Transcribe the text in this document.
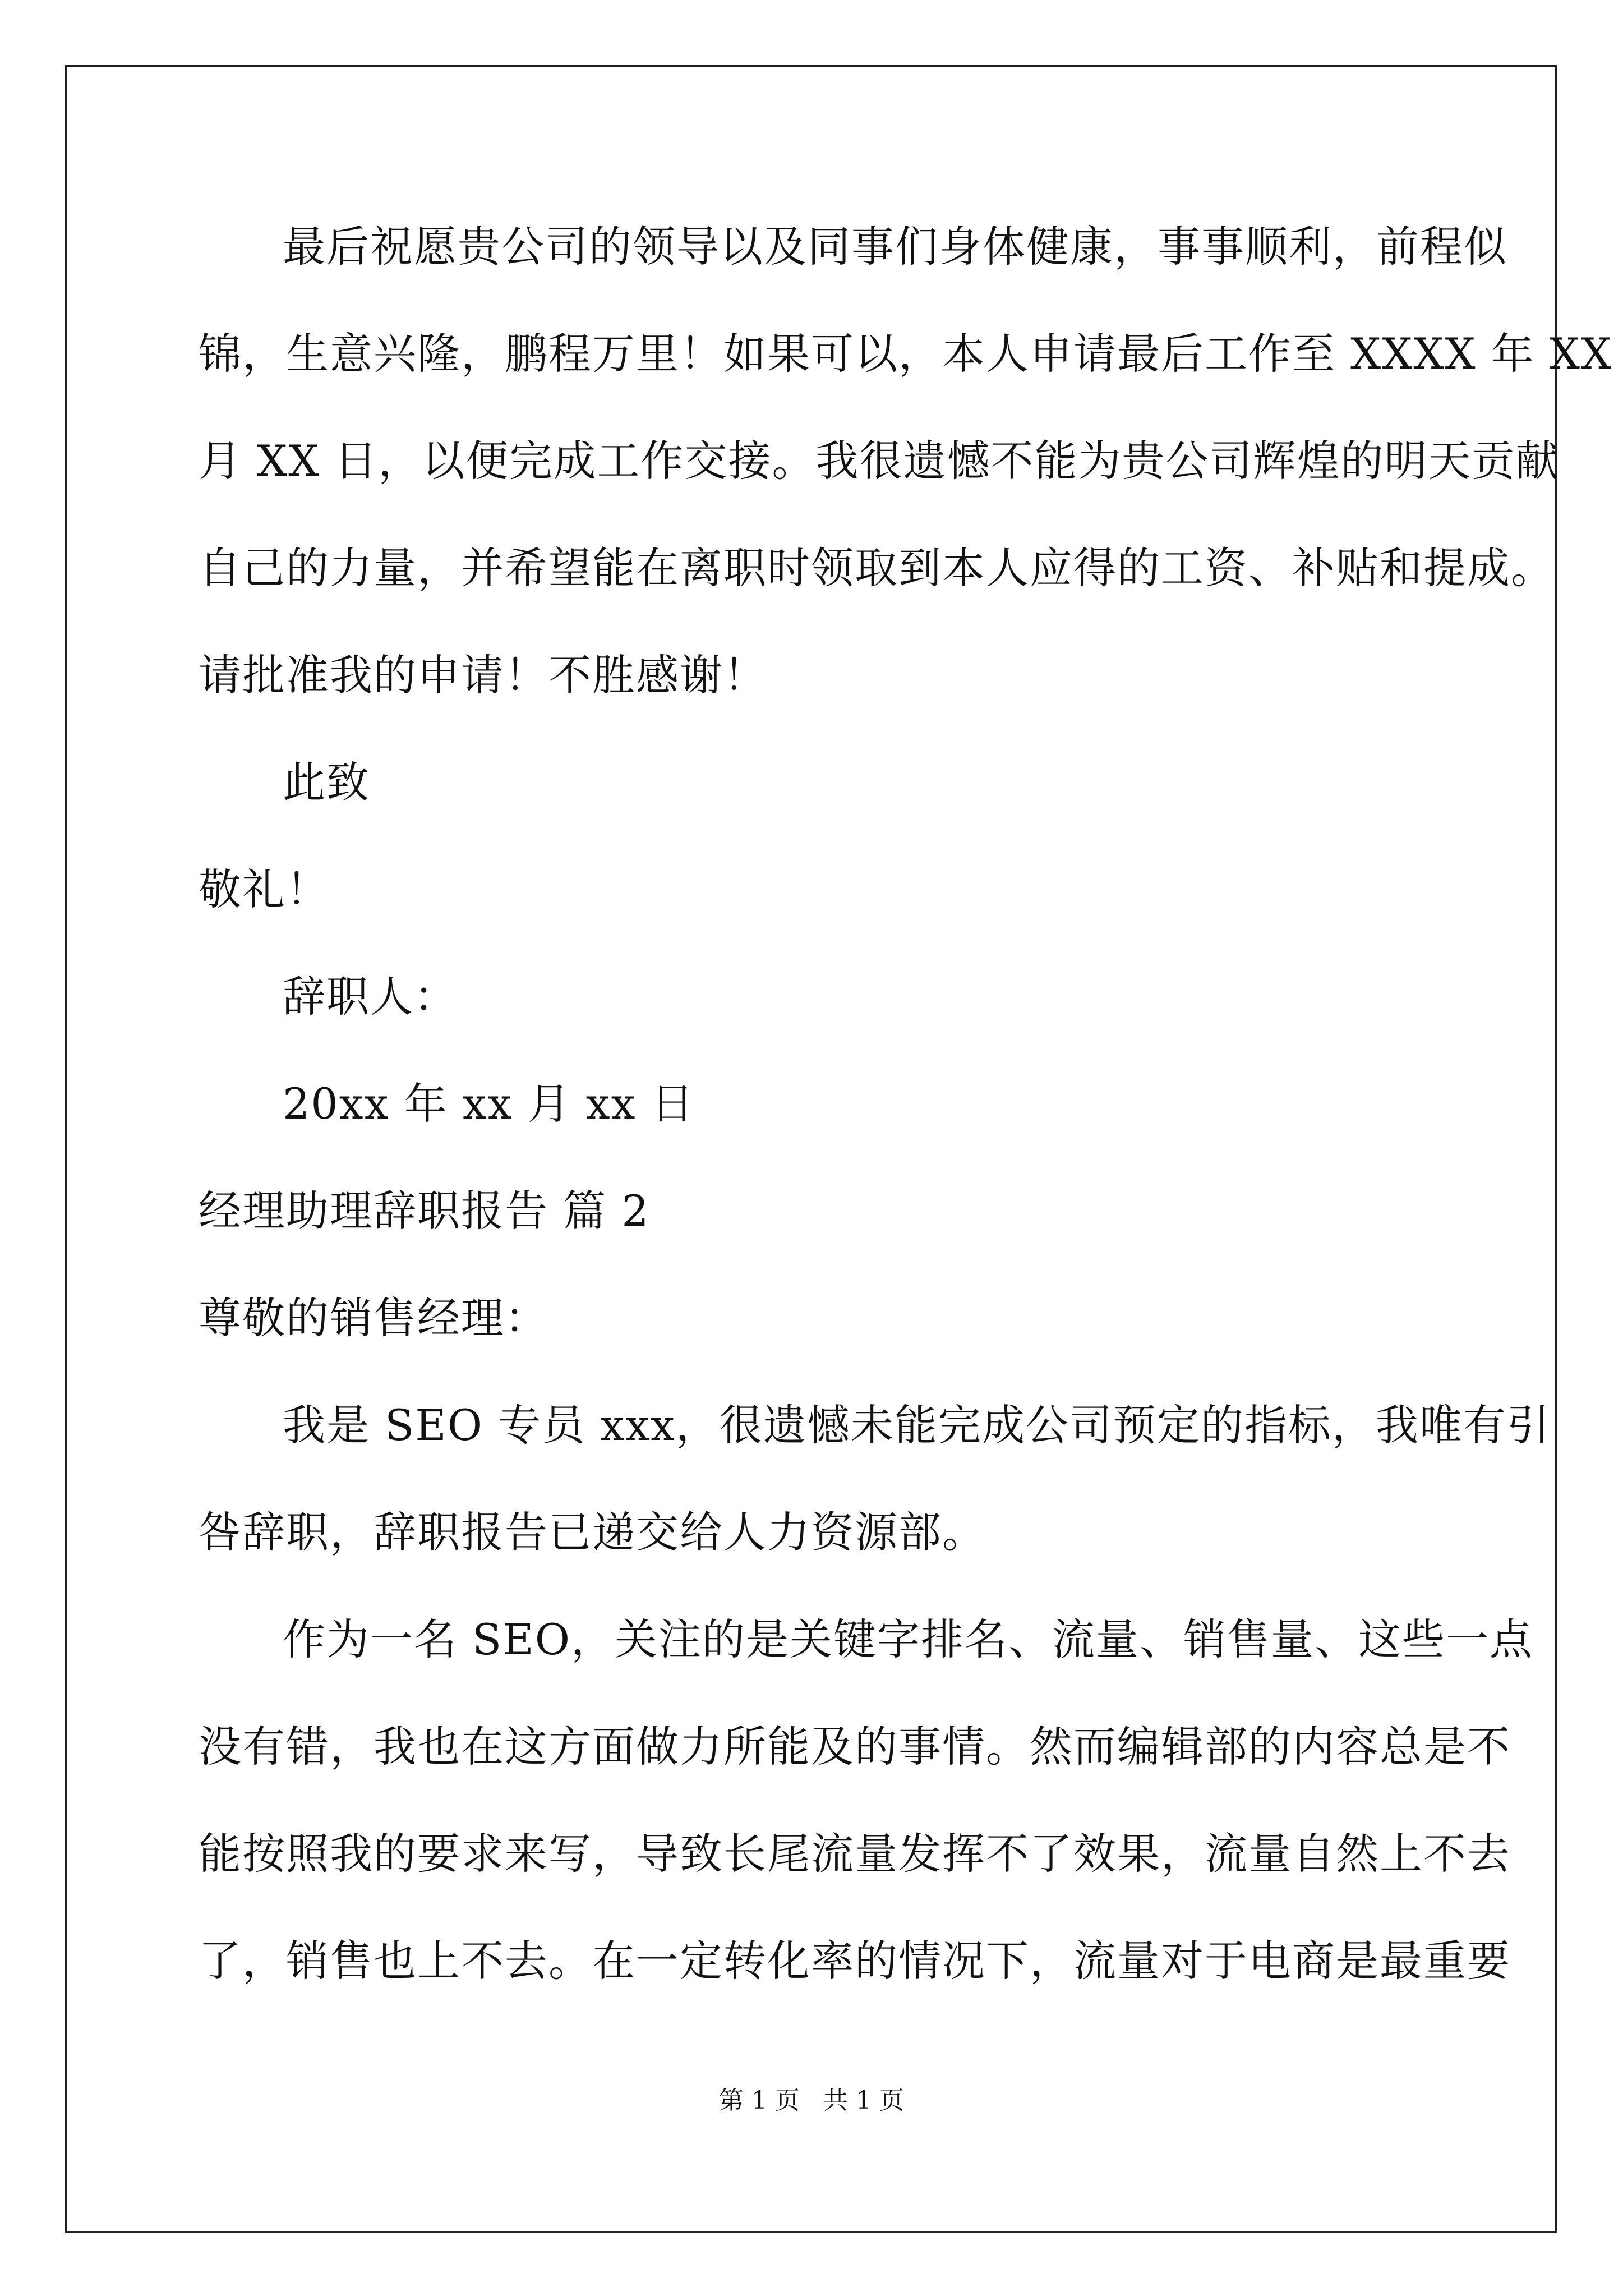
最后祝愿贵公司的领导以及同事们身体健康，事事顺利，前程似
锦，生意兴隆，鹏程万里！如果可以，本人申请最后工作至 XXXX 年 XX
月 XX 日，以便完成工作交接。我很遗憾不能为贵公司辉煌的明天贡献
自己的力量，并希望能在离职时领取到本人应得的工资、补贴和提成。
请批准我的申请！不胜感谢！
此致
敬礼！
辞职人：
20xx 年 xx 月 xx 日
经理助理辞职报告 篇 2
尊敬的销售经理：
我是 SEO 专员 xxx，很遗憾未能完成公司预定的指标，我唯有引
咎辞职，辞职报告已递交给人力资源部。
作为一名 SEO，关注的是关键字排名、流量、销售量、这些一点
没有错，我也在这方面做力所能及的事情。然而编辑部的内容总是不
能按照我的要求来写，导致长尾流量发挥不了效果，流量自然上不去
了，销售也上不去。在一定转化率的情况下，流量对于电商是最重要
第 1 页   共 1 页
